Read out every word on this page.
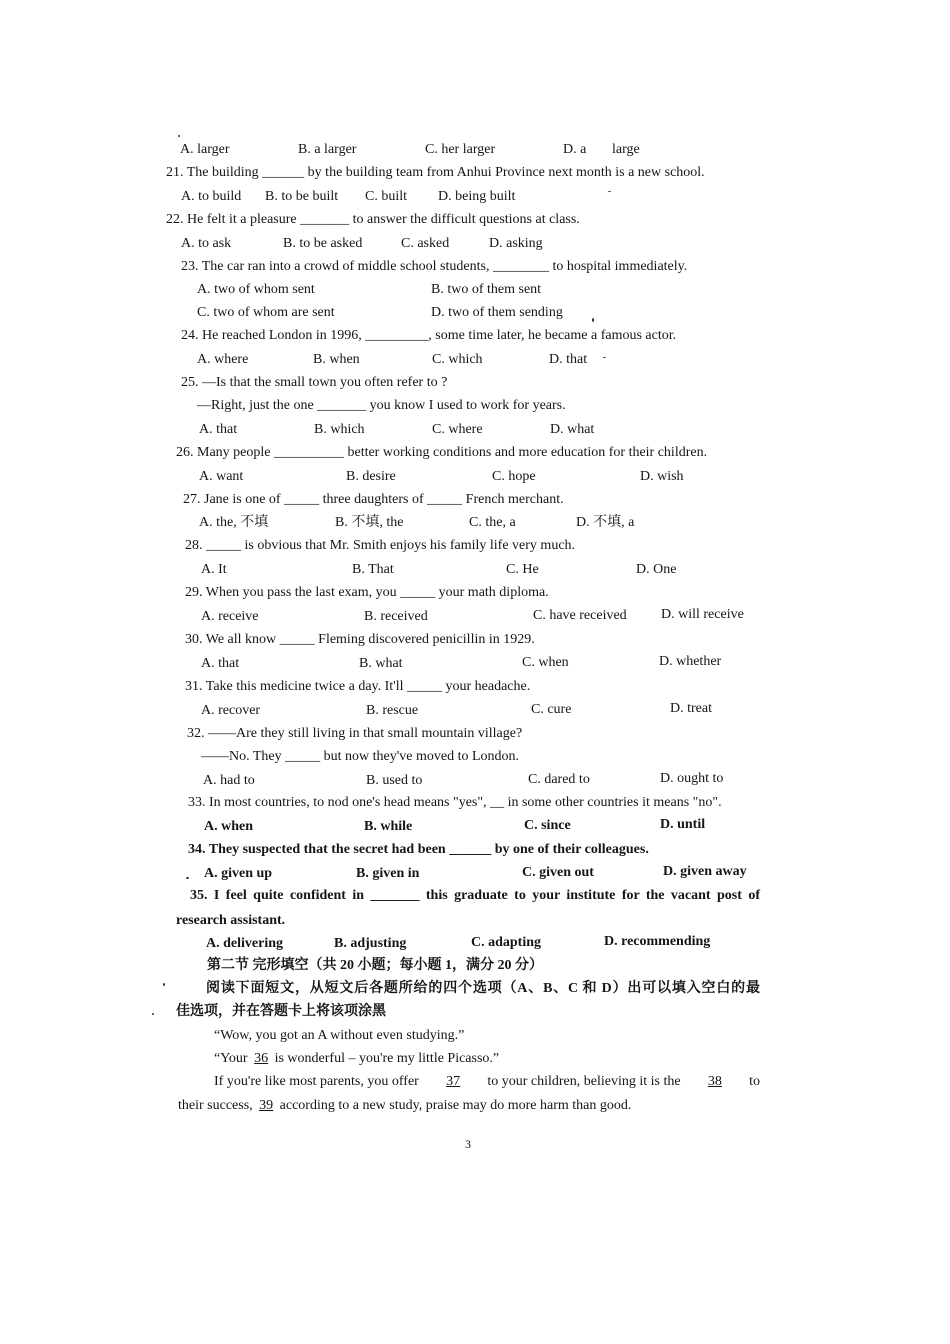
A. larger	B. a larger	C. her larger	D. a large
21. The building ______ by the building team from Anhui Province next month is a new school.
A. to build B. to be built C. built D. being built
22. He felt it a pleasure _______ to answer the difficult questions at class.
A. to ask	B. to be asked	C. asked	D. asking
23. The car ran into a crowd of middle school students, ________ to hospital immediately.
A. two of whom sent	B. two of them sent
C. two of whom are sent	D. two of them sending
24. He reached London in 1996, _________, some time later, he became a famous actor.
A. where	B. when	C. which	D. that
25. —Is that the small town you often refer to ?
—Right, just the one _______ you know I used to work for years.
A. that	B. which	C. where	D. what
26. Many people __________ better working conditions and more education for their children.
A. want	B. desire	C. hope	D. wish
27. Jane is one of _____ three daughters of _____ French merchant.
A. the, 不填	B. 不填, the	C. the, a	D. 不填, a
28. _____ is obvious that Mr. Smith enjoys his family life very much.
A. It	B. That	C. He	D. One
29. When you pass the last exam, you _____ your math diploma.
A. receive	B. received	C. have received D. will receive
30. We all know _____ Fleming discovered penicillin in 1929.
A. that	B. what	C. when	D. whether
31. Take this medicine twice a day. It'll _____ your headache.
A. recover	B. rescue	C. cure	D. treat
32. ——Are they still living in that small mountain village?
——No. They _____ but now they've moved to London.
A. had to	B. used to	C. dared to	D. ought to
33. In most countries, to nod one's head means "yes", __ in some other countries it means "no".
A. when	B. while	C. since	D. until
34. They suspected that the secret had been ______ by one of their colleagues.
A. given up	B. given in	C. given out	D. given away
35. I feel quite confident in _______ this graduate to your institute for the vacant post of
research assistant.
A. delivering	B. adjusting	C. adapting	D. recommending
第二节 完形填空（共 20 小题；每小题 1，满分 20 分）
阅读下面短文，从短文后各题所给的四个选项（A、B、C 和 D）出可以填入空白的最
佳选项，并在答题卡上将该项涂黑
“Wow, you got an A without even studying.”
“Your 36 is wonderful – you're my little Picasso.”
If you're like most parents, you offer	37	to your children, believing it is the	38	to
their success, 39 according to a new study, praise may do more harm than good.
3
